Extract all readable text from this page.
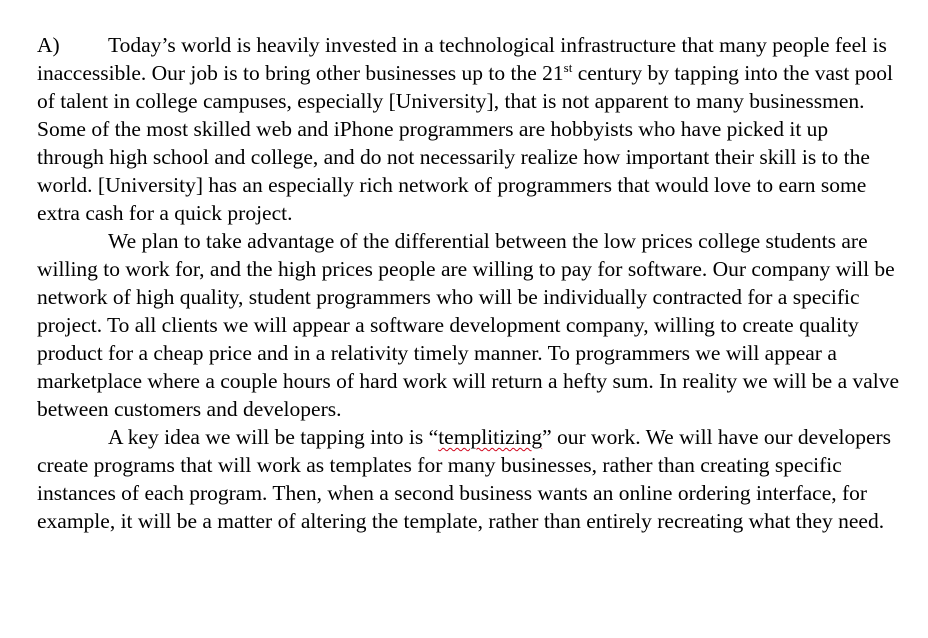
A) Today’s world is heavily invested in a technological infrastructure that many people feel is inaccessible. Our job is to bring other businesses up to the 21st century by tapping into the vast pool of talent in college campuses, especially [University], that is not apparent to many businessmen. Some of the most skilled web and iPhone programmers are hobbyists who have picked it up through high school and college, and do not necessarily realize how important their skill is to the world. [University] has an especially rich network of programmers that would love to earn some extra cash for a quick project.

We plan to take advantage of the differential between the low prices college students are willing to work for, and the high prices people are willing to pay for software. Our company will be network of high quality, student programmers who will be individually contracted for a specific project. To all clients we will appear a software development company, willing to create quality product for a cheap price and in a relativity timely manner. To programmers we will appear a marketplace where a couple hours of hard work will return a hefty sum. In reality we will be a valve between customers and developers.

A key idea we will be tapping into is “templitizing” our work. We will have our developers create programs that will work as templates for many businesses, rather than creating specific instances of each program. Then, when a second business wants an online ordering interface, for example, it will be a matter of altering the template, rather than entirely recreating what they need.
